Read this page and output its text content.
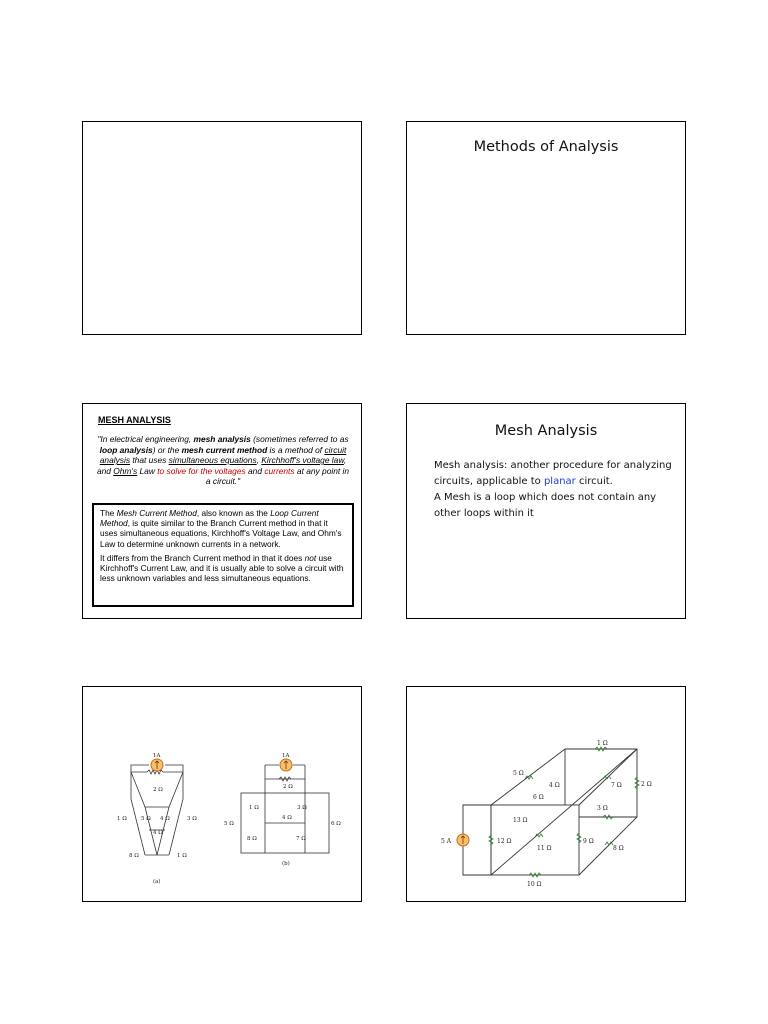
Methods of Analysis
MESH ANALYSIS
"In electrical engineering, mesh analysis (sometimes referred to as loop analysis) or the mesh current method is a method of circuit analysis that uses simultaneous equations, Kirchhoff's voltage law, and Ohm's Law to solve for the voltages and currents at any point in a circuit."

The Mesh Current Method, also known as the Loop Current Method, is quite similar to the Branch Current method in that it uses simultaneous equations, Kirchhoff's Voltage Law, and Ohm's Law to determine unknown currents in a network.

It differs from the Branch Current method in that it does not use Kirchhoff's Current Law, and it is usually able to solve a circuit with less unknown variables and less simultaneous equations.

Mesh Analysis

Mesh analysis: another procedure for analyzing circuits, applicable to planar circuit.

A Mesh is a loop which does not contain any other loops within it

1A
2 Ω
1 Ω	5 Ω 4 Ω	3 Ω
4 Ω
8 Ω	1 Ω
(a)
1A
2 Ω
1 Ω
5 Ω
3 Ω
4 Ω
6 Ω
8 Ω	7 Ω
(b)
5 A
1 Ω
5 Ω
4 Ω	7 Ω	2 Ω
6 Ω
3 Ω
13 Ω
12 Ω
11 Ω
9 Ω
8 Ω
10 Ω
